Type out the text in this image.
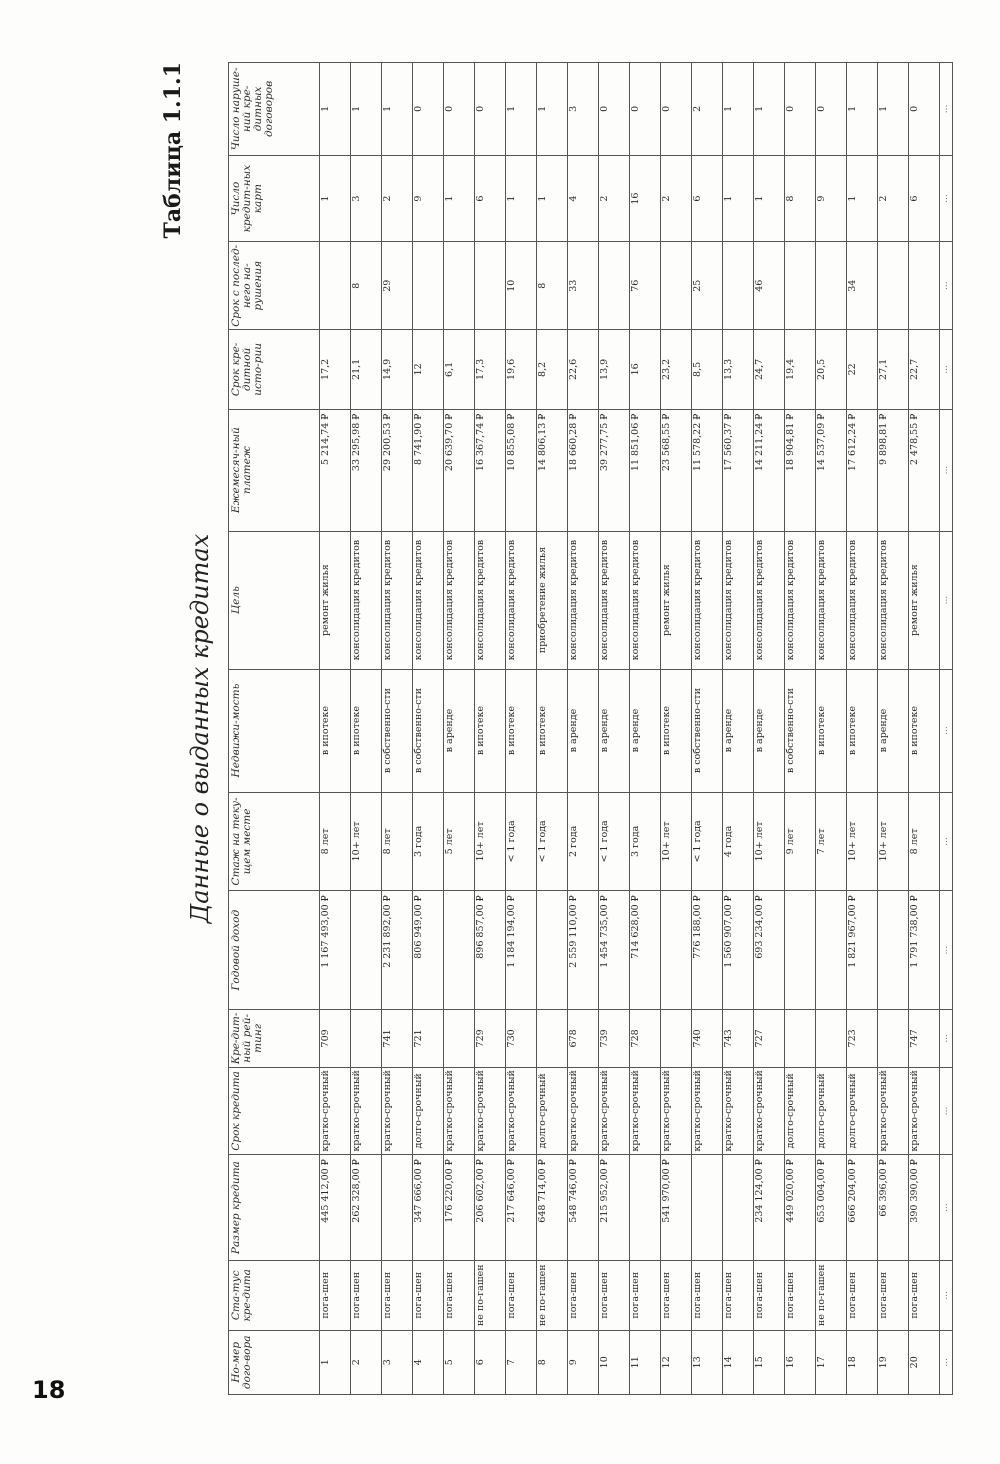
18
Таблица 1.1.1
Данные о выданных кредитах
Но-мер дого-вора	Ста-тус кре-дита	Размер кредита	Срок кредита	Кре-дит-ный рей-тинг	Годовой доход	Стаж на теку-щем месте	Недвижи-мость	Цель	Ежемесяч-ный платеж	Срок кре-дитной исто-рии	Срок с послед-него на-рушения	Число кредит-ных карт	Число наруше-ний кре-дитных договоров
1	пога-шен	445 412,00 ₽	кратко-срочный	709	1 167 493,00 ₽	8 лет	в ипотеке	ремонт жилья	5 214,74 ₽	17,2		1	1
2	пога-шен	262 328,00 ₽	кратко-срочный			10+ лет	в ипотеке	консолидация кредитов	33 295,98 ₽	21,1	8	3	1
3	пога-шен		кратко-срочный	741	2 231 892,00 ₽	8 лет	в собственно-сти	консолидация кредитов	29 200,53 ₽	14,9	29	2	1
4	пога-шен	347 666,00 ₽	долго-срочный	721	806 949,00 ₽	3 года	в собственно-сти	консолидация кредитов	8 741,90 ₽	12		9	0
5	пога-шен	176 220,00 ₽	кратко-срочный			5 лет	в аренде	консолидация кредитов	20 639,70 ₽	6,1		1	0
6	не по-гашен	206 602,00 ₽	кратко-срочный	729	896 857,00 ₽	10+ лет	в ипотеке	консолидация кредитов	16 367,74 ₽	17,3		6	0
7	пога-шен	217 646,00 ₽	кратко-срочный	730	1 184 194,00 ₽	< 1 года	в ипотеке	консолидация кредитов	10 855,08 ₽	19,6	10	1	1
8	не по-гашен	648 714,00 ₽	долго-срочный			< 1 года	в ипотеке	приобретение жилья	14 806,13 ₽	8,2	8	1	1
9	пога-шен	548 746,00 ₽	кратко-срочный	678	2 559 110,00 ₽	2 года	в аренде	консолидация кредитов	18 660,28 ₽	22,6	33	4	3
10	пога-шен	215 952,00 ₽	кратко-срочный	739	1 454 735,00 ₽	< 1 года	в аренде	консолидация кредитов	39 277,75 ₽	13,9		2	0
11	пога-шен		кратко-срочный	728	714 628,00 ₽	3 года	в аренде	консолидация кредитов	11 851,06 ₽	16	76	16	0
12	пога-шен	541 970,00 ₽	кратко-срочный			10+ лет	в ипотеке	ремонт жилья	23 568,55 ₽	23,2		2	0
13	пога-шен		кратко-срочный	740	776 188,00 ₽	< 1 года	в собственно-сти	консолидация кредитов	11 578,22 ₽	8,5	25	6	2
14	пога-шен		кратко-срочный	743	1 560 907,00 ₽	4 года	в аренде	консолидация кредитов	17 560,37 ₽	13,3		1	1
15	пога-шен	234 124,00 ₽	кратко-срочный	727	693 234,00 ₽	10+ лет	в аренде	консолидация кредитов	14 211,24 ₽	24,7	46	1	1
16	пога-шен	449 020,00 ₽	долго-срочный			9 лет	в собственно-сти	консолидация кредитов	18 904,81 ₽	19,4		8	0
17	не по-гашен	653 004,00 ₽	долго-срочный			7 лет	в ипотеке	консолидация кредитов	14 537,09 ₽	20,5		9	0
18	пога-шен	666 204,00 ₽	долго-срочный	723	1 821 967,00 ₽	10+ лет	в ипотеке	консолидация кредитов	17 612,24 ₽	22	34	1	1
19	пога-шен	66 396,00 ₽	кратко-срочный			10+ лет	в аренде	консолидация кредитов	9 898,81 ₽	27,1		2	1
20	пога-шен	390 390,00 ₽	кратко-срочный	747	1 791 738,00 ₽	8 лет	в ипотеке	ремонт жилья	2 478,55 ₽	22,7		6	0
...	...	...	...	...	...	...	...	...	...	...	...	...	...
